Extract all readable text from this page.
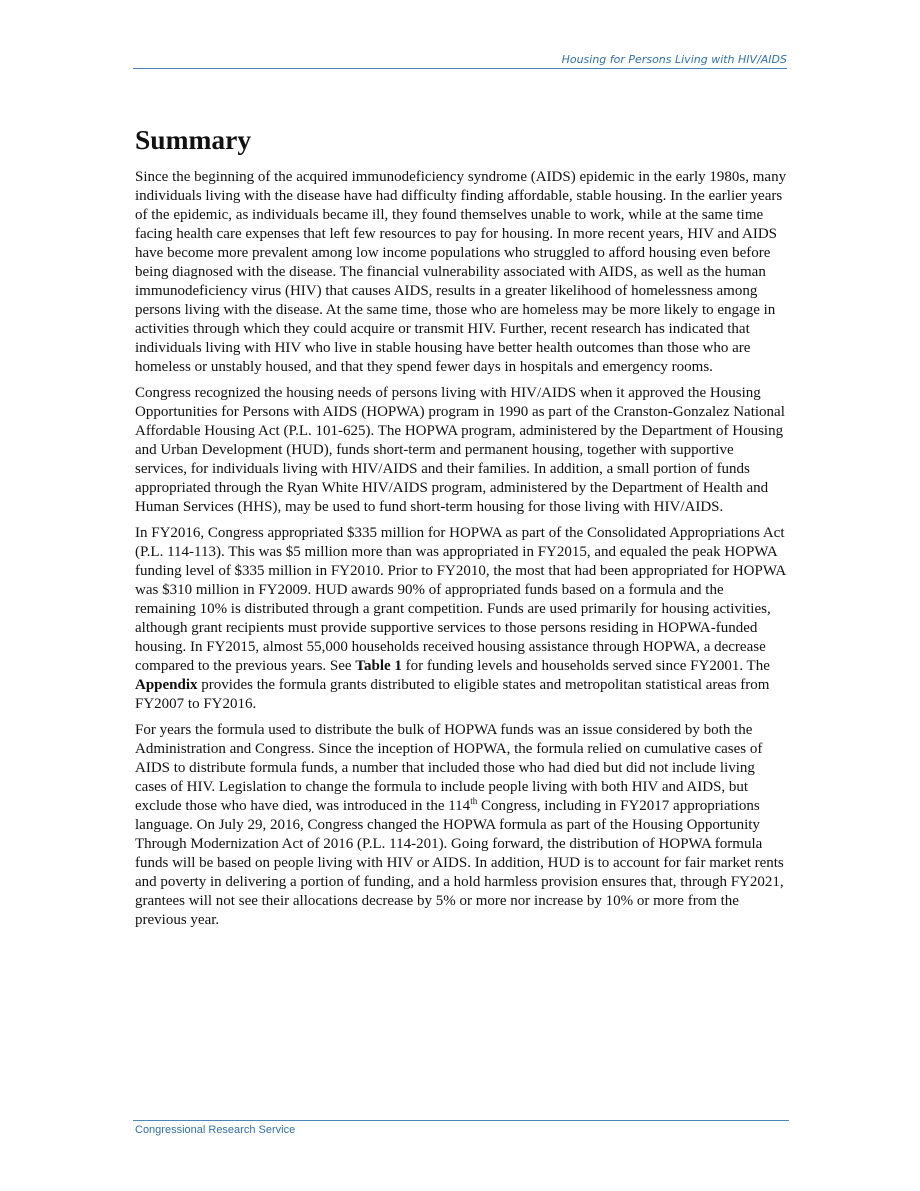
Housing for Persons Living with HIV/AIDS
Summary

Since the beginning of the acquired immunodeficiency syndrome (AIDS) epidemic in the early 1980s, many individuals living with the disease have had difficulty finding affordable, stable housing. In the earlier years of the epidemic, as individuals became ill, they found themselves unable to work, while at the same time facing health care expenses that left few resources to pay for housing. In more recent years, HIV and AIDS have become more prevalent among low income populations who struggled to afford housing even before being diagnosed with the disease. The financial vulnerability associated with AIDS, as well as the human immunodeficiency virus (HIV) that causes AIDS, results in a greater likelihood of homelessness among persons living with the disease. At the same time, those who are homeless may be more likely to engage in activities through which they could acquire or transmit HIV. Further, recent research has indicated that individuals living with HIV who live in stable housing have better health outcomes than those who are homeless or unstably housed, and that they spend fewer days in hospitals and emergency rooms.

Congress recognized the housing needs of persons living with HIV/AIDS when it approved the Housing Opportunities for Persons with AIDS (HOPWA) program in 1990 as part of the Cranston-Gonzalez National Affordable Housing Act (P.L. 101-625). The HOPWA program, administered by the Department of Housing and Urban Development (HUD), funds short-term and permanent housing, together with supportive services, for individuals living with HIV/AIDS and their families. In addition, a small portion of funds appropriated through the Ryan White HIV/AIDS program, administered by the Department of Health and Human Services (HHS), may be used to fund short-term housing for those living with HIV/AIDS.

In FY2016, Congress appropriated $335 million for HOPWA as part of the Consolidated Appropriations Act (P.L. 114-113). This was $5 million more than was appropriated in FY2015, and equaled the peak HOPWA funding level of $335 million in FY2010. Prior to FY2010, the most that had been appropriated for HOPWA was $310 million in FY2009. HUD awards 90% of appropriated funds based on a formula and the remaining 10% is distributed through a grant competition. Funds are used primarily for housing activities, although grant recipients must provide supportive services to those persons residing in HOPWA-funded housing. In FY2015, almost 55,000 households received housing assistance through HOPWA, a decrease compared to the previous years. See Table 1 for funding levels and households served since FY2001. The Appendix provides the formula grants distributed to eligible states and metropolitan statistical areas from FY2007 to FY2016.

For years the formula used to distribute the bulk of HOPWA funds was an issue considered by both the Administration and Congress. Since the inception of HOPWA, the formula relied on cumulative cases of AIDS to distribute formula funds, a number that included those who had died but did not include living cases of HIV. Legislation to change the formula to include people living with both HIV and AIDS, but exclude those who have died, was introduced in the 114th Congress, including in FY2017 appropriations language. On July 29, 2016, Congress changed the HOPWA formula as part of the Housing Opportunity Through Modernization Act of 2016 (P.L. 114-201). Going forward, the distribution of HOPWA formula funds will be based on people living with HIV or AIDS. In addition, HUD is to account for fair market rents and poverty in delivering a portion of funding, and a hold harmless provision ensures that, through FY2021, grantees will not see their allocations decrease by 5% or more nor increase by 10% or more from the previous year.

Congressional Research Service
